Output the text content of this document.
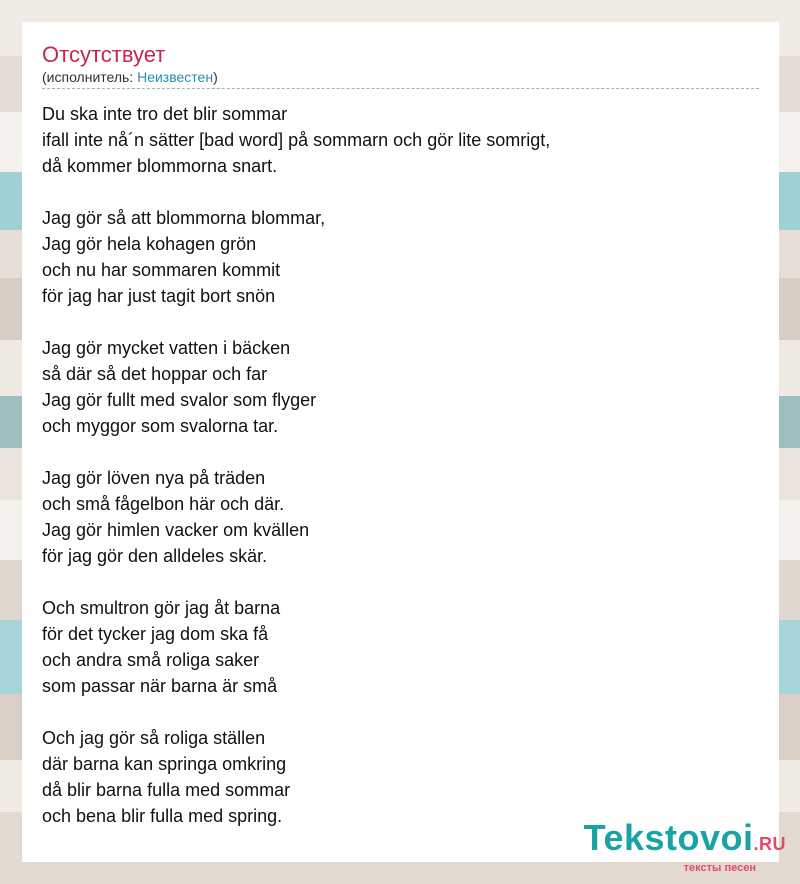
Отсутствует
(исполнитель: Неизвестен)
Du ska inte tro det blir sommar
ifall inte nå´n sätter [bad word] på sommarn och gör lite somrigt,
då kommer blommorna snart.
Jag gör så att blommorna blommar,
Jag gör hela kohagen grön
och nu har sommaren kommit
för jag har just tagit bort snön
Jag gör mycket vatten i bäcken
så där så det hoppar och far
Jag gör fullt med svalor som flyger
och myggor som svalorna tar.
Jag gör löven nya på träden
och små fågelbon här och där.
Jag gör himlen vacker om kvällen
för jag gör den alldeles skär.
Och smultron gör jag åt barna
för det tycker jag dom ska få
och andra små roliga saker
som passar när barna är små
Och jag gör så roliga ställen
där barna kan springa omkring
då blir barna fulla med sommar
och bena blir fulla med spring.
Tekstovoi.RU
тексты песен
